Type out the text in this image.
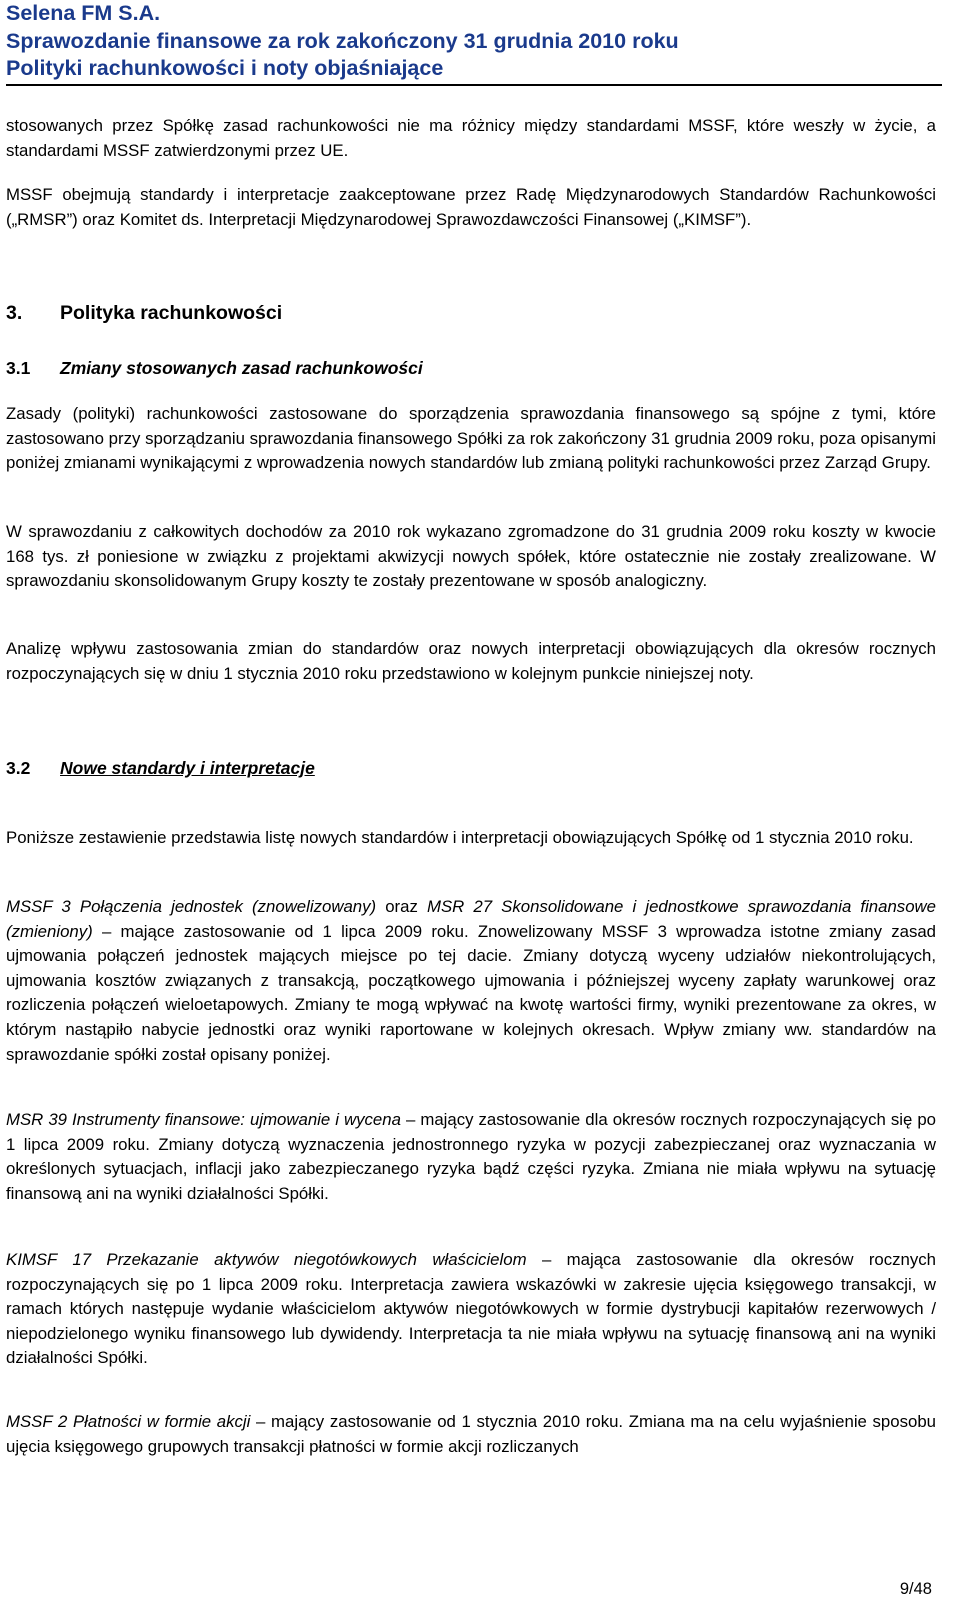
Selena FM S.A.
Sprawozdanie finansowe za rok zakończony 31 grudnia 2010 roku
Polityki rachunkowości i noty objaśniające

stosowanych przez Spółkę zasad rachunkowości nie ma różnicy między standardami MSSF, które weszły w życie, a standardami MSSF zatwierdzonymi przez UE.

MSSF obejmują standardy i interpretacje zaakceptowane przez Radę Międzynarodowych Standardów Rachunkowości („RMSR”) oraz Komitet ds. Interpretacji Międzynarodowej Sprawozdawczości Finansowej („KIMSF”).

3. Polityka rachunkowości
3.1 Zmiany stosowanych zasad rachunkowości

Zasady (polityki) rachunkowości zastosowane do sporządzenia sprawozdania finansowego są spójne z tymi, które zastosowano przy sporządzaniu sprawozdania finansowego Spółki za rok zakończony 31 grudnia 2009 roku, poza opisanymi poniżej zmianami wynikającymi z wprowadzenia nowych standardów lub zmianą polityki rachunkowości przez Zarząd Grupy.

W sprawozdaniu z całkowitych dochodów za 2010 rok wykazano zgromadzone do 31 grudnia 2009 roku koszty w kwocie 168 tys. zł poniesione w związku z projektami akwizycji nowych spółek, które ostatecznie nie zostały zrealizowane. W sprawozdaniu skonsolidowanym Grupy koszty te zostały prezentowane w sposób analogiczny.

Analizę wpływu zastosowania zmian do standardów oraz nowych interpretacji obowiązujących dla okresów rocznych rozpoczynających się w dniu 1 stycznia 2010 roku przedstawiono w kolejnym punkcie niniejszej noty.

3.2 Nowe standardy i interpretacje

Poniższe zestawienie przedstawia listę nowych standardów i interpretacji obowiązujących Spółkę od 1 stycznia 2010 roku.

MSSF 3 Połączenia jednostek (znowelizowany) oraz MSR 27 Skonsolidowane i jednostkowe sprawozdania finansowe (zmieniony) – mające zastosowanie od 1 lipca 2009 roku. Znowelizowany MSSF 3 wprowadza istotne zmiany zasad ujmowania połączeń jednostek mających miejsce po tej dacie. Zmiany dotyczą wyceny udziałów niekontrolujących, ujmowania kosztów związanych z transakcją, początkowego ujmowania i późniejszej wyceny zapłaty warunkowej oraz rozliczenia połączeń wieloetapowych. Zmiany te mogą wpływać na kwotę wartości firmy, wyniki prezentowane za okres, w którym nastąpiło nabycie jednostki oraz wyniki raportowane w kolejnych okresach. Wpływ zmiany ww. standardów na sprawozdanie spółki został opisany poniżej.

MSR 39 Instrumenty finansowe: ujmowanie i wycena – mający zastosowanie dla okresów rocznych rozpoczynających się po 1 lipca 2009 roku. Zmiany dotyczą wyznaczenia jednostronnego ryzyka w pozycji zabezpieczanej oraz wyznaczania w określonych sytuacjach, inflacji jako zabezpieczanego ryzyka bądź części ryzyka. Zmiana nie miała wpływu na sytuację finansową ani na wyniki działalności Spółki.

KIMSF 17 Przekazanie aktywów niegotówkowych właścicielom – mająca zastosowanie dla okresów rocznych rozpoczynających się po 1 lipca 2009 roku. Interpretacja zawiera wskazówki w zakresie ujęcia księgowego transakcji, w ramach których następuje wydanie właścicielom aktywów niegotówkowych w formie dystrybucji kapitałów rezerwowych / niepodzielonego wyniku finansowego lub dywidendy. Interpretacja ta nie miała wpływu na sytuację finansową ani na wyniki działalności Spółki.

MSSF 2 Płatności w formie akcji – mający zastosowanie od 1 stycznia 2010 roku. Zmiana ma na celu wyjaśnienie sposobu ujęcia księgowego grupowych transakcji płatności w formie akcji rozliczanych

9/48
